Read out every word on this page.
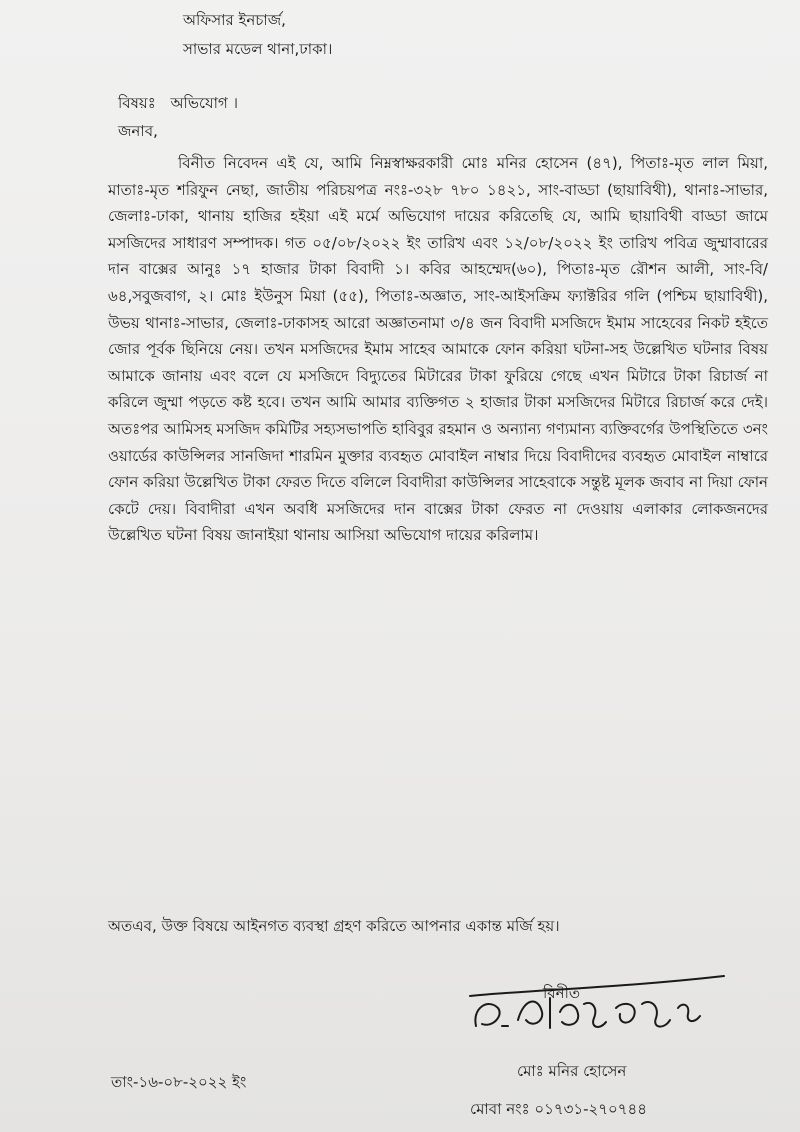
অফিসার ইনচার্জ,
সাভার মডেল থানা,ঢাকা।
বিষয়ঃ অভিযোগ ।
জনাব,

বিনীত নিবেদন এই যে, আমি নিম্নস্বাক্ষরকারী মোঃ মনির হোসেন (৪৭), পিতাঃ-মৃত লাল মিয়া, মাতাঃ-মৃত শরিফুন নেছা, জাতীয় পরিচয়পত্র নংঃ-৩২৮ ৭৮০ ১৪২১, সাং-বাড্ডা (ছায়াবিথী), থানাঃ-সাভার, জেলাঃ-ঢাকা, থানায় হাজির হইয়া এই মর্মে অভিযোগ দায়ের করিতেছি যে, আমি ছায়াবিথী বাড্ডা জামে মসজিদের সাধারণ সম্পাদক। গত ০৫/০৮/২০২২ ইং তারিখ এবং ১২/০৮/২০২২ ইং তারিখ পবিত্র জুম্মাবারের দান বাক্সের আনুঃ ১৭ হাজার টাকা বিবাদী ১। কবির আহম্মেদ(৬০), পিতাঃ-মৃত রৌশন আলী, সাং-বি/৬৪,সবুজবাগ, ২। মোঃ ইউনুস মিয়া (৫৫), পিতাঃ-অজ্ঞাত, সাং-আইসক্রিম ফ্যাক্টরির গলি (পশ্চিম ছায়াবিথী), উভয় থানাঃ-সাভার, জেলাঃ-ঢাকাসহ আরো অজ্ঞাতনামা ৩/৪ জন বিবাদী মসজিদে ইমাম সাহেবের নিকট হইতে জোর পূর্বক ছিনিয়ে নেয়। তখন মসজিদের ইমাম সাহেব আমাকে ফোন করিয়া ঘটনা-সহ উল্লেখিত ঘটনার বিষয় আমাকে জানায় এবং বলে যে মসজিদে বিদ্যুতের মিটারের টাকা ফুরিয়ে গেছে এখন মিটারে টাকা রিচার্জ না করিলে জুম্মা পড়তে কষ্ট হবে। তখন আমি আমার ব্যক্তিগত ২ হাজার টাকা মসজিদের মিটারে রিচার্জ করে দেই। অতঃপর আমিসহ মসজিদ কমিটির সহ্যসভাপতি হাবিবুর রহমান ও অন্যান্য গণ্যমান্য ব্যক্তিবর্গের উপস্থিতিতে ৩নং ওয়ার্ডের কাউন্সিলর সানজিদা শারমিন মুক্তার ব্যবহৃত মোবাইল নাম্বার দিয়ে বিবাদীদের ব্যবহৃত মোবাইল নাম্বারে ফোন করিয়া উল্লেখিত টাকা ফেরত দিতে বলিলে বিবাদীরা কাউন্সিলর সাহেবাকে সন্তুষ্ট মূলক জবাব না দিয়া ফোন কেটে দেয়। বিবাদীরা এখন অবধি মসজিদের দান বাক্সের টাকা ফেরত না দেওয়ায় এলাকার লোকজনদের উল্লেখিত ঘটনা বিষয় জানাইয়া থানায় আসিয়া অভিযোগ দায়ের করিলাম।

অতএব, উক্ত বিষয়ে আইনগত ব্যবস্থা গ্রহণ করিতে আপনার একান্ত মর্জি হয়।
বিনীত
মোঃ মনির হোসেন
তাং-১৬-০৮-২০২২ ইং
মোবা নংঃ ০১৭৩১-২৭০৭৪৪
